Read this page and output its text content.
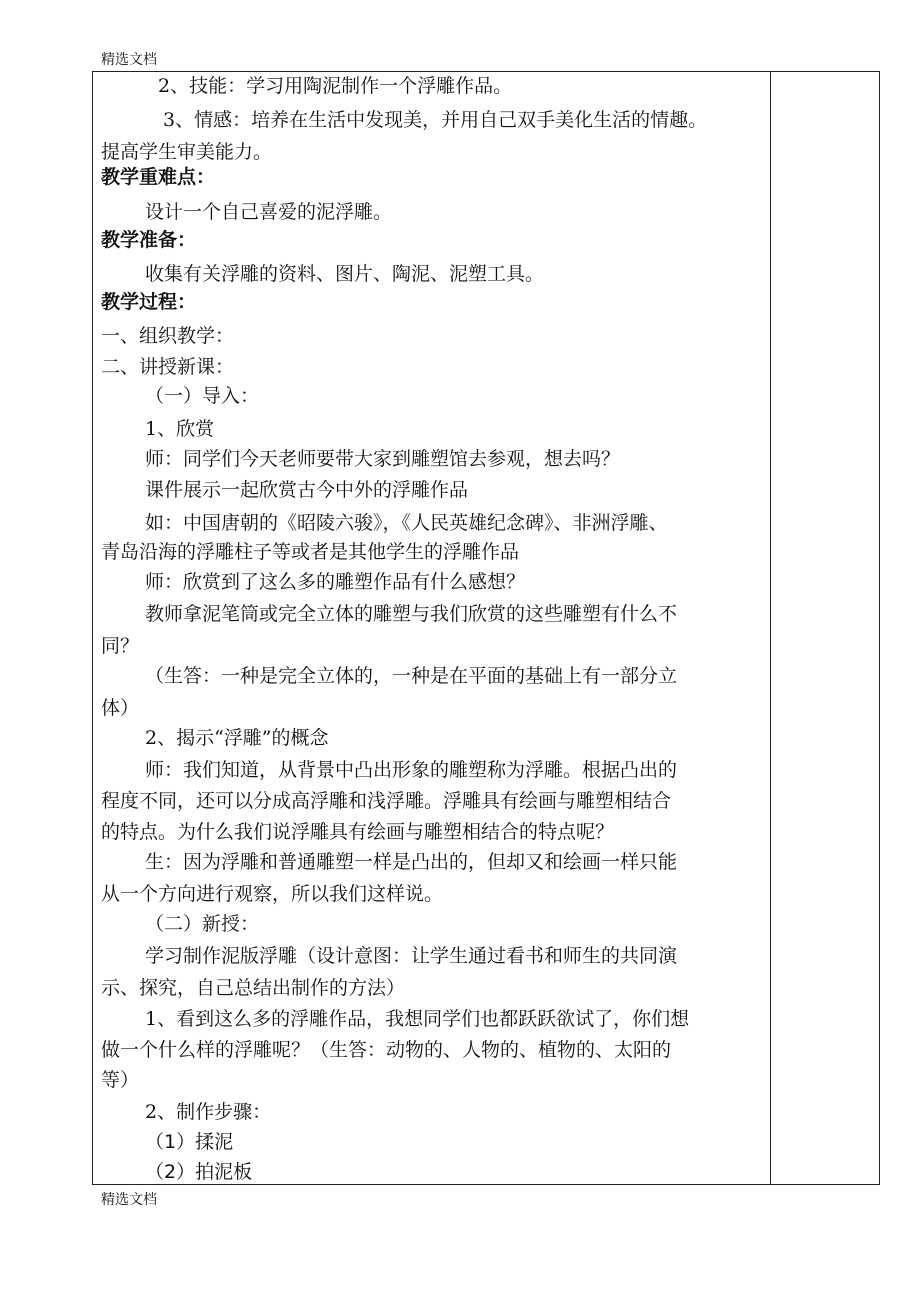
精选文档
2、技能：学习用陶泥制作一个浮雕作品。
3、情感：培养在生活中发现美，并用自己双手美化生活的情趣。
提高学生审美能力。
教学重难点：
设计一个自己喜爱的泥浮雕。
教学准备：
收集有关浮雕的资料、图片、陶泥、泥塑工具。
教学过程：
一、组织教学：
二、讲授新课：
（一）导入：
1、欣赏
师：同学们今天老师要带大家到雕塑馆去参观，想去吗？
课件展示一起欣赏古今中外的浮雕作品
如：中国唐朝的《昭陵六骏》，《人民英雄纪念碑》、非洲浮雕、
青岛沿海的浮雕柱子等或者是其他学生的浮雕作品
师：欣赏到了这么多的雕塑作品有什么感想？
教师拿泥笔筒或完全立体的雕塑与我们欣赏的这些雕塑有什么不
同？
（生答：一种是完全立体的，一种是在平面的基础上有一部分立
体）
2、揭示“浮雕”的概念
师：我们知道，从背景中凸出形象的雕塑称为浮雕。根据凸出的
程度不同，还可以分成高浮雕和浅浮雕。浮雕具有绘画与雕塑相结合
的特点。为什么我们说浮雕具有绘画与雕塑相结合的特点呢？
生：因为浮雕和普通雕塑一样是凸出的，但却又和绘画一样只能
从一个方向进行观察，所以我们这样说。
（二）新授：
学习制作泥版浮雕（设计意图：让学生通过看书和师生的共同演
示、探究，自己总结出制作的方法）
1、看到这么多的浮雕作品，我想同学们也都跃跃欲试了，你们想
做一个什么样的浮雕呢？（生答：动物的、人物的、植物的、太阳的
等）
2、制作步骤：
（1）揉泥
（2）拍泥板
精选文档
